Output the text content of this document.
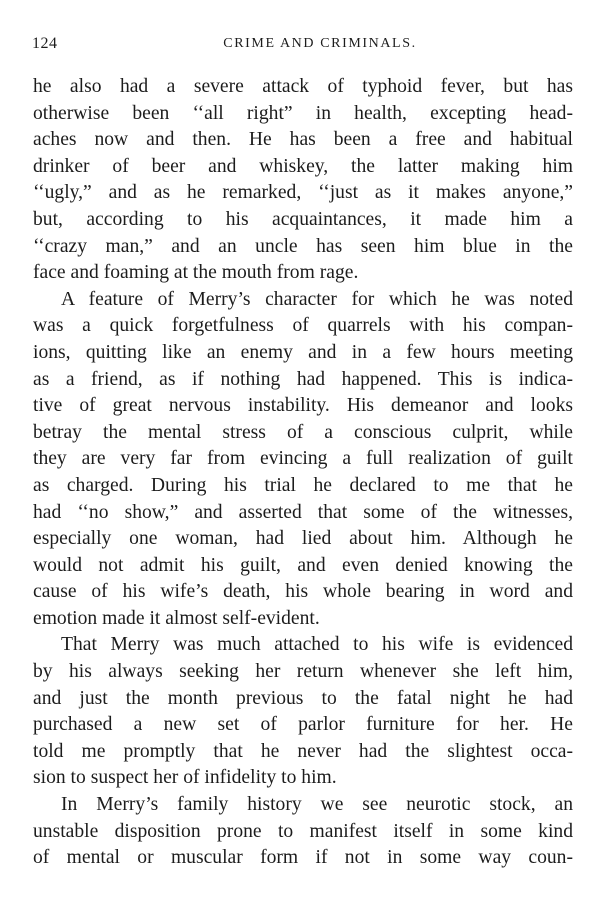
124	CRIME AND CRIMINALS.
he also had a severe attack of typhoid fever, but has
otherwise been ‘‘all right” in health, excepting head-
aches now and then. He has been a free and habitual
drinker of beer and whiskey, the latter making him
‘‘ugly,” and as he remarked, ‘‘just as it makes anyone,”
but, according to his acquaintances, it made him a
‘‘crazy man,” and an uncle has seen him blue in the
face and foaming at the mouth from rage.
A feature of Merry’s character for which he was noted
was a quick forgetfulness of quarrels with his compan-
ions, quitting like an enemy and in a few hours meeting
as a friend, as if nothing had happened. This is indica-
tive of great nervous instability. His demeanor and looks
betray the mental stress of a conscious culprit, while
they are very far from evincing a full realization of guilt
as charged. During his trial he declared to me that he
had ‘‘no show,” and asserted that some of the witnesses,
especially one woman, had lied about him. Although he
would not admit his guilt, and even denied knowing the
cause of his wife’s death, his whole bearing in word and
emotion made it almost self-evident.
That Merry was much attached to his wife is evidenced
by his always seeking her return whenever she left him,
and just the month previous to the fatal night he had
purchased a new set of parlor furniture for her. He
told me promptly that he never had the slightest occa-
sion to suspect her of infidelity to him.
In Merry’s family history we see neurotic stock, an
unstable disposition prone to manifest itself in some kind
of mental or muscular form if not in some way coun-
